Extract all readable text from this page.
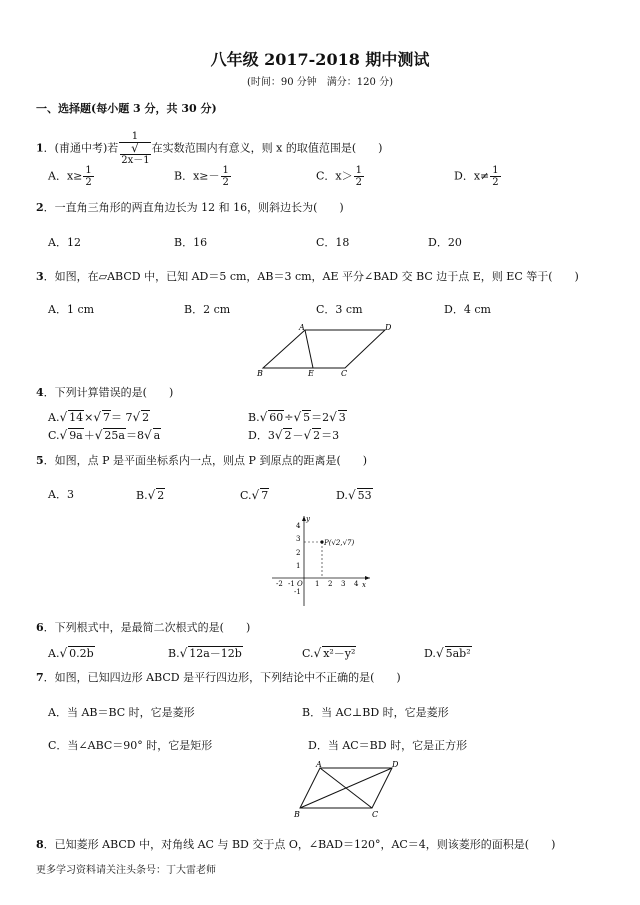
八年级 2017-2018 期中测试
(时间：90 分钟　满分：120 分)
一、选择题(每小题 3 分，共 30 分)
1．(甫通中考)若 1
√
2x－1 在实数范围内有意义，则 x 的取值范围是(　　)
A．$x\ge \frac{1}{2}$	B．$x\ge- \frac{1}{2}$	C．$x> \frac{1}{2}$	D．$x\ne \frac{1}{2}$
2．一直角三角形的两直角边长为 12 和 16，则斜边长为(　　)
A．12	B．16	C．18	D．20
3．如图，在▱ABCD 中，已知 AD＝5 cm，AB＝3 cm，AE 平分∠BAD 交 BC 边于点 E，则 EC 等于(　　)
A．1 cm	B．2 cm	C．3 cm	D．4 cm
A	D
B	E	C
4．下列计算错误的是(　　)
A.√ 14×√ 7＝ 7√ 2	B.√ 60÷√ 5＝2√ 3
C.√ 9a＋√ 25a＝8√ a	D．3√ 2－√ 2＝3
5．如图，点 P 是平面坐标系内一点，则点 P 到原点的距离是(　　)
A．3	B.√ 2	C.√ 7	D.√ 53
P(√2,√7)
y
x
O
4
3
2
1
-1
-2 -1	1 2 3 4
6．下列根式中，是最简二次根式的是(　　)
A.√ 0.2b	B.√ 12a－12b	C.√ x²－y²	D.√ 5ab²
7．如图，已知四边形 ABCD 是平行四边形，下列结论中不正确的是(　　)
A．当 AB＝BC 时，它是菱形	B．当 AC⊥BD 时，它是菱形
C．当∠ABC＝90° 时，它是矩形	D．当 AC＝BD 时，它是正方形
A	D
B	C
8．已知菱形 ABCD 中，对角线 AC 与 BD 交于点 O，∠BAD＝120°，AC＝4，则该菱形的面积是(　　)
更多学习资料请关注头条号：丁大雷老师
